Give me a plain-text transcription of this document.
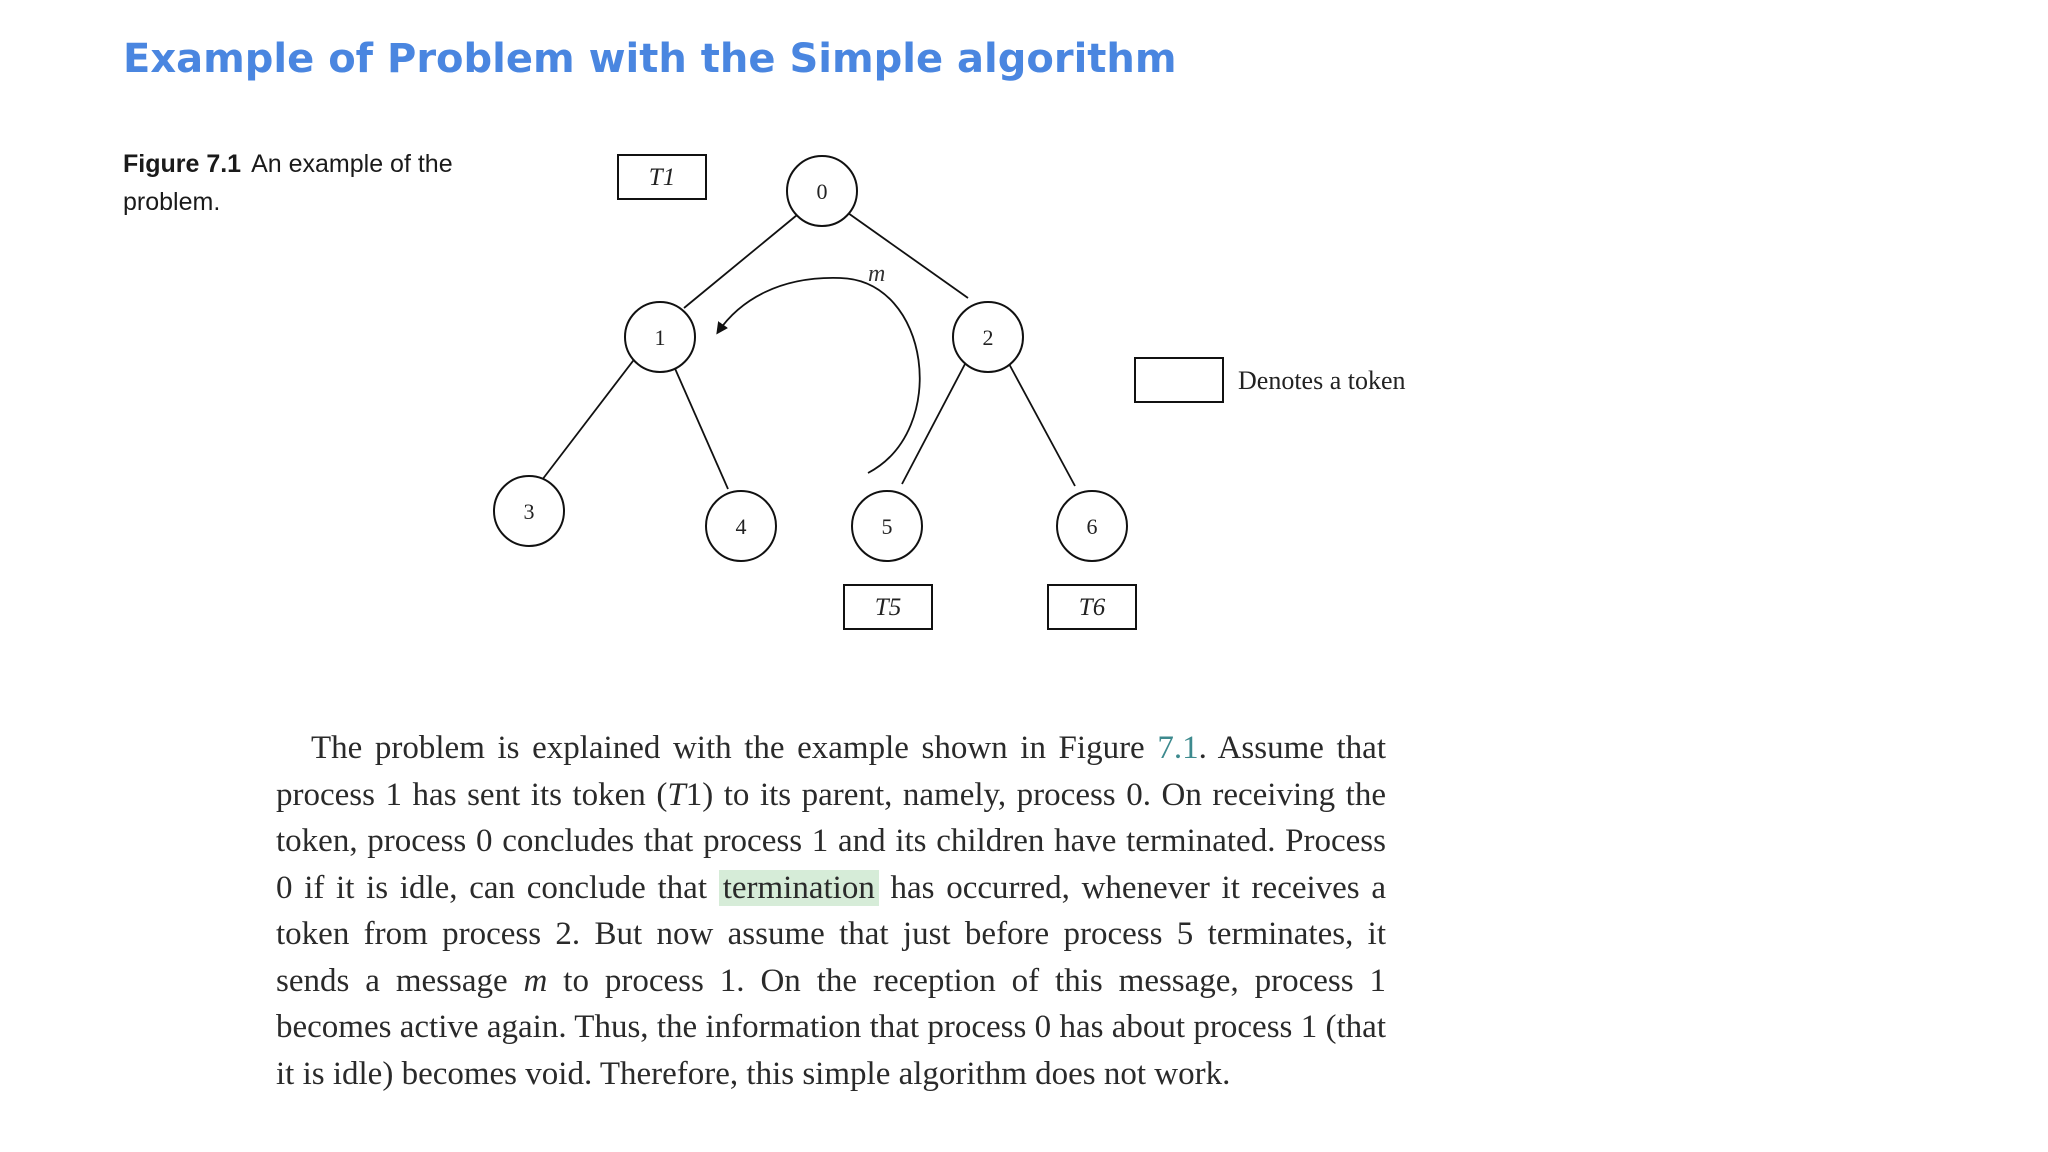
Example of Problem with the Simple algorithm
Figure 7.1 An example of the problem.
m
0
1	2
3
4	5	6
T1
T5	T6
Denotes a token

The problem is explained with the example shown in Figure 7.1. Assume that process 1 has sent its token (T1) to its parent, namely, process 0. On receiving the token, process 0 concludes that process 1 and its children have terminated. Process 0 if it is idle, can conclude that termination has occurred, whenever it receives a token from process 2. But now assume that just before process 5 terminates, it sends a message m to process 1. On the reception of this message, process 1 becomes active again. Thus, the information that process 0 has about process 1 (that it is idle) becomes void. Therefore, this simple algorithm does not work.
